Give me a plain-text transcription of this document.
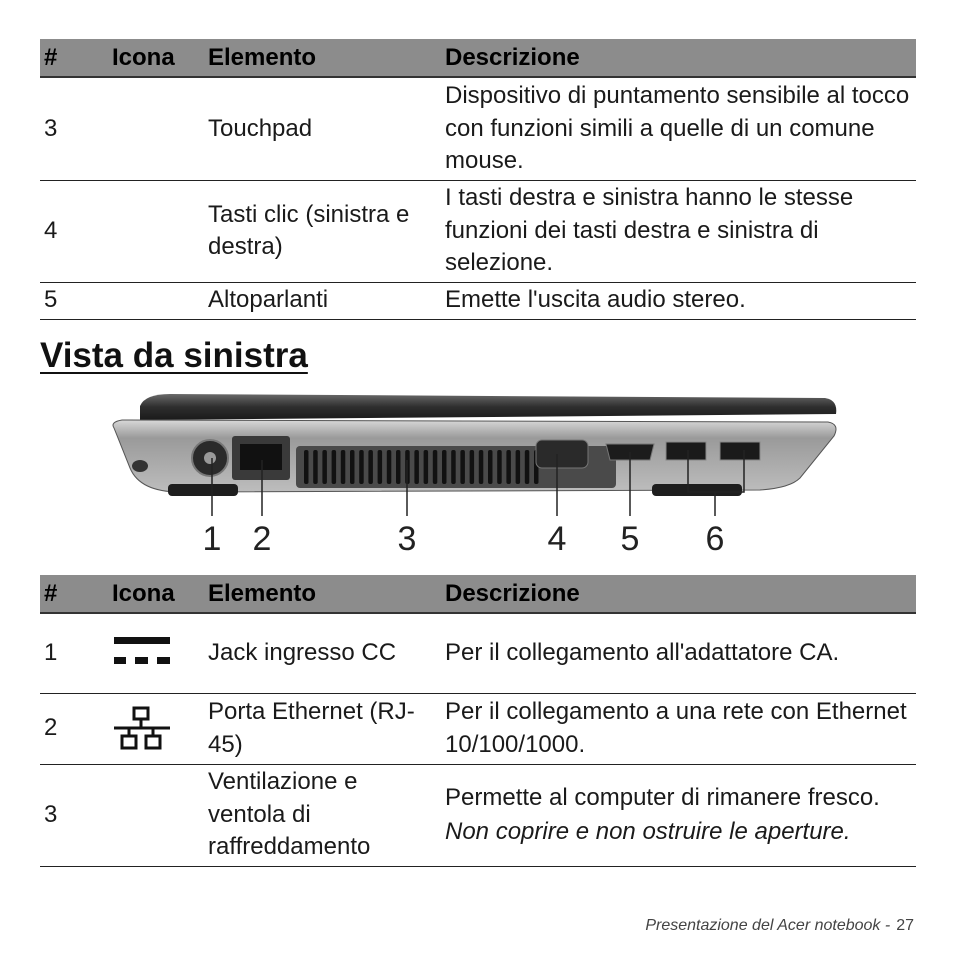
#	Icona	Elemento	Descrizione
3		Touchpad	Dispositivo di puntamento sensibile al tocco con funzioni simili a quelle di un comune mouse.
4		Tasti clic (sinistra e destra)	I tasti destra e sinistra hanno le stesse funzioni dei tasti destra e sinistra di selezione.
5		Altoparlanti	Emette l'uscita audio stereo.
Vista da sinistra
1 2	3	4 5 6
#	Icona	Elemento	Descrizione
1		Jack ingresso CC	Per il collegamento all'adattatore CA.
2		Porta Ethernet (RJ-45)	Per il collegamento a una rete con Ethernet 10/100/1000.
3		Ventilazione e ventola di raffreddamento	Permette al computer di rimanere fresco.
Non coprire e non ostruire le aperture.
Presentazione del Acer notebook - 27
